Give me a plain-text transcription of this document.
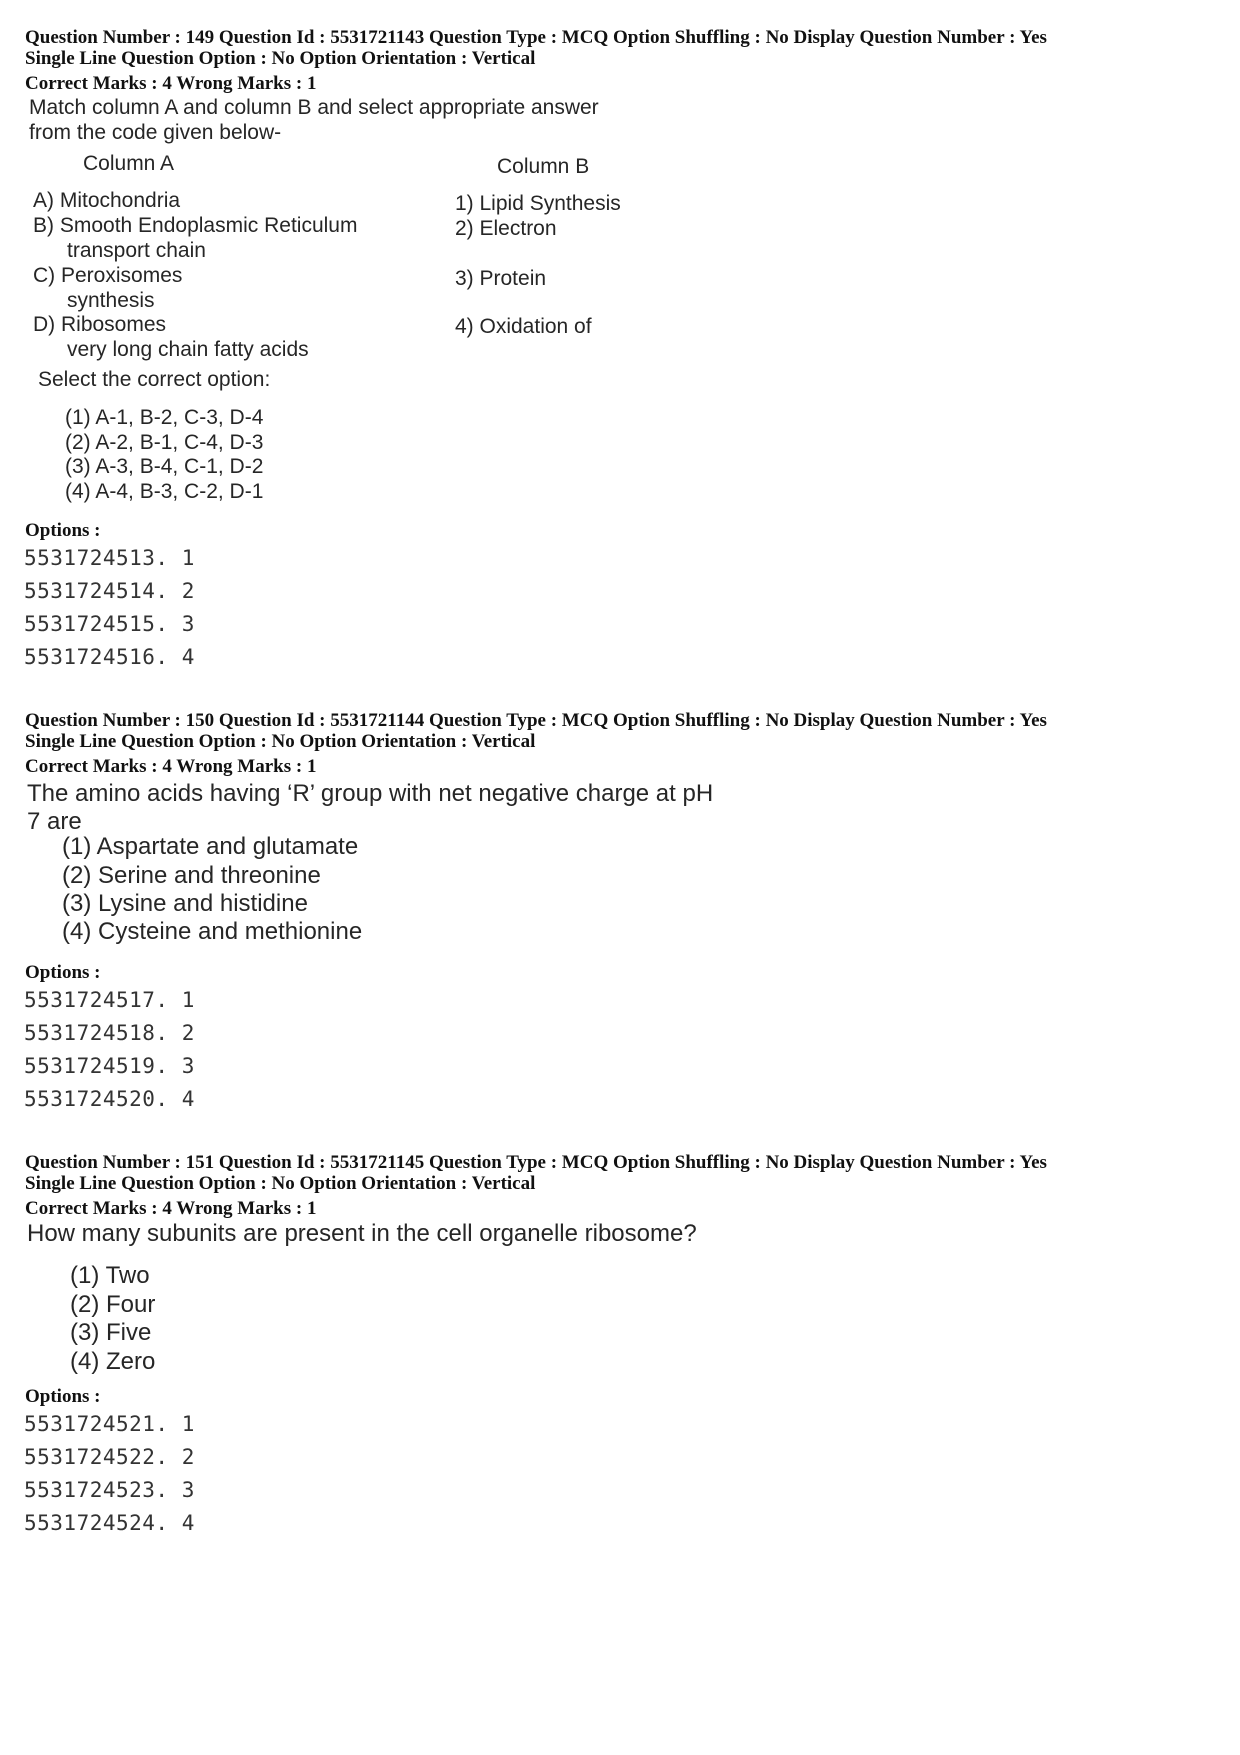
Question Number : 149 Question Id : 5531721143 Question Type : MCQ Option Shuffling : No Display Question Number : Yes
Single Line Question Option : No Option Orientation : Vertical
Correct Marks : 4 Wrong Marks : 1
Match column A and column B and select appropriate answer
from the code given below-
Column A	Column B
A) Mitochondria
B) Smooth Endoplasmic Reticulum
transport chain
C) Peroxisomes
synthesis
D) Ribosomes
very long chain fatty acids
1) Lipid Synthesis
2) Electron
3) Protein
4) Oxidation of
Select the correct option:
(1) A-1, B-2, C-3, D-4
(2) A-2, B-1, C-4, D-3
(3) A-3, B-4, C-1, D-2
(4) A-4, B-3, C-2, D-1
Options :
5531724513. 1
5531724514. 2
5531724515. 3
5531724516. 4
Question Number : 150 Question Id : 5531721144 Question Type : MCQ Option Shuffling : No Display Question Number : Yes
Single Line Question Option : No Option Orientation : Vertical
Correct Marks : 4 Wrong Marks : 1
The amino acids having ‘R’ group with net negative charge at pH
7 are
(1) Aspartate and glutamate
(2) Serine and threonine
(3) Lysine and histidine
(4) Cysteine and methionine
Options :
5531724517. 1
5531724518. 2
5531724519. 3
5531724520. 4
Question Number : 151 Question Id : 5531721145 Question Type : MCQ Option Shuffling : No Display Question Number : Yes
Single Line Question Option : No Option Orientation : Vertical
Correct Marks : 4 Wrong Marks : 1
How many subunits are present in the cell organelle ribosome?
(1) Two
(2) Four
(3) Five
(4) Zero
Options :
5531724521. 1
5531724522. 2
5531724523. 3
5531724524. 4
